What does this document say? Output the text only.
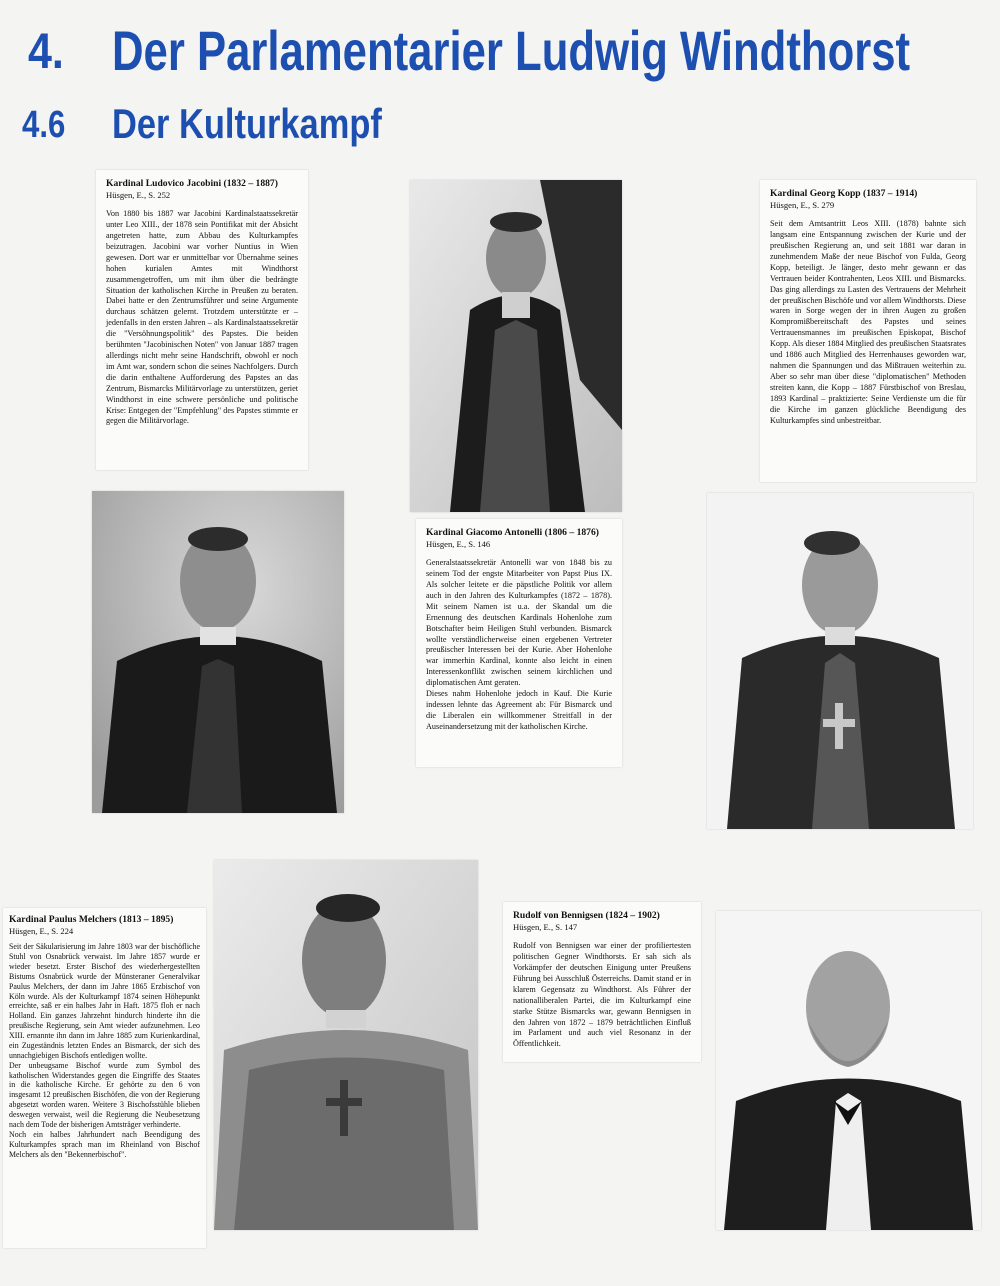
4. Der Parlamentarier Ludwig Windthorst
4.6 Der Kulturkampf
Kardinal Ludovico Jacobini (1832 – 1887)
Hüsgen, E., S. 252

Von 1880 bis 1887 war Jacobini Kardinalstaatssekretär unter Leo XIII., der 1878 sein Pontifikat mit der Absicht angetreten hatte, zum Abbau des Kulturkampfes beizutragen. Jacobini war vorher Nuntius in Wien gewesen. Dort war er unmittelbar vor Übernahme seines hohen kurialen Amtes mit Windthorst zusammengetroffen, um mit ihm über die bedrängte Situation der katholischen Kirche in Preußen zu beraten. Dabei hatte er den Zentrumsführer und seine Argumente durchaus schätzen gelernt. Trotzdem unterstützte er – jedenfalls in den ersten Jahren – als Kardinalstaatssekretär die "Versöhnungspolitik" des Papstes. Die beiden berühmten "Jacobinischen Noten" von Januar 1887 tragen allerdings nicht mehr seine Handschrift, obwohl er noch im Amt war, sondern schon die seines Nachfolgers. Durch die darin enthaltene Aufforderung des Papstes an das Zentrum, Bismarcks Militärvorlage zu unterstützen, geriet Windthorst in eine schwere persönliche und politische Krise: Entgegen der "Empfehlung" des Papstes stimmte er gegen die Militärvorlage.

Kardinal Georg Kopp (1837 – 1914)
Hüsgen, E., S. 279

Seit dem Amtsantritt Leos XIII. (1878) bahnte sich langsam eine Entspannung zwischen der Kurie und der preußischen Regierung an, und seit 1881 war daran in zunehmendem Maße der neue Bischof von Fulda, Georg Kopp, beteiligt. Je länger, desto mehr gewann er das Vertrauen beider Kontrahenten, Leos XIII. und Bismarcks. Das ging allerdings zu Lasten des Vertrauens der Mehrheit der preußischen Bischöfe und vor allem Windthorsts. Diese waren in Sorge wegen der in ihren Augen zu großen Kompromißbereitschaft des Papstes und seines Vertrauensmannes im preußischen Episkopat, Bischof Kopp. Als dieser 1884 Mitglied des preußischen Staatsrates und 1886 auch Mitglied des Herrenhauses geworden war, nahmen die Spannungen und das Mißtrauen weiterhin zu. Aber so sehr man über diese "diplomatischen" Methoden streiten kann, die Kopp – 1887 Fürstbischof von Breslau, 1893 Kardinal – praktizierte: Seine Verdienste um die für die Kirche im ganzen glückliche Beendigung des Kulturkampfes sind unbestreitbar.

Kardinal Giacomo Antonelli (1806 – 1876)
Hüsgen, E., S. 146

Generalstaatssekretär Antonelli war von 1848 bis zu seinem Tod der engste Mitarbeiter von Papst Pius IX. Als solcher leitete er die päpstliche Politik vor allem auch in den Jahren des Kulturkampfes (1872 – 1878). Mit seinem Namen ist u.a. der Skandal um die Ernennung des deutschen Kardinals Hohenlohe zum Botschafter beim Heiligen Stuhl verbunden. Bismarck wollte verständlicherweise einen ergebenen Vertreter preußischer Interessen bei der Kurie. Aber Hohenlohe war immerhin Kardinal, konnte also leicht in einen Interessenkonflikt zwischen seinem kirchlichen und diplomatischen Amt geraten.

Dieses nahm Hohenlohe jedoch in Kauf. Die Kurie indessen lehnte das Agreement ab: Für Bismarck und die Liberalen ein willkommener Streitfall in der Auseinandersetzung mit der katholischen Kirche.

Kardinal Paulus Melchers (1813 – 1895)
Hüsgen, E., S. 224

Seit der Säkularisierung im Jahre 1803 war der bischöfliche Stuhl von Osnabrück verwaist. Im Jahre 1857 wurde er wieder besetzt. Erster Bischof des wiederhergestellten Bistums Osnabrück wurde der Münsteraner Generalvikar Paulus Melchers, der dann im Jahre 1865 Erzbischof von Köln wurde. Als der Kulturkampf 1874 seinen Höhepunkt erreichte, saß er ein halbes Jahr in Haft. 1875 floh er nach Holland. Ein ganzes Jahrzehnt hindurch hinderte ihn die preußische Regierung, sein Amt wieder aufzunehmen. Leo XIII. ernannte ihn dann im Jahre 1885 zum Kurienkardinal, ein Zugeständnis letzten Endes an Bismarck, der sich des unnachgiebigen Bischofs entledigen wollte.

Der unbeugsame Bischof wurde zum Symbol des katholischen Widerstandes gegen die Eingriffe des Staates in die katholische Kirche. Er gehörte zu den 6 von insgesamt 12 preußischen Bischöfen, die von der Regierung abgesetzt worden waren. Weitere 3 Bischofsstühle blieben deswegen verwaist, weil die Regierung die Neubesetzung nach dem Tode der bisherigen Amtsträger verhinderte.

Noch ein halbes Jahrhundert nach Beendigung des Kulturkampfes sprach man im Rheinland von Bischof Melchers als den "Bekennerbischof".

Rudolf von Bennigsen (1824 – 1902)
Hüsgen, E., S. 147

Rudolf von Bennigsen war einer der profiliertesten politischen Gegner Windthorsts. Er sah sich als Vorkämpfer der deutschen Einigung unter Preußens Führung bei Ausschluß Österreichs. Damit stand er in klarem Gegensatz zu Windthorst. Als Führer der nationalliberalen Partei, die im Kulturkampf eine starke Stütze Bismarcks war, gewann Bennigsen in den Jahren von 1872 – 1879 beträchtlichen Einfluß im Parlament und auch viel Resonanz in der Öffentlichkeit.
